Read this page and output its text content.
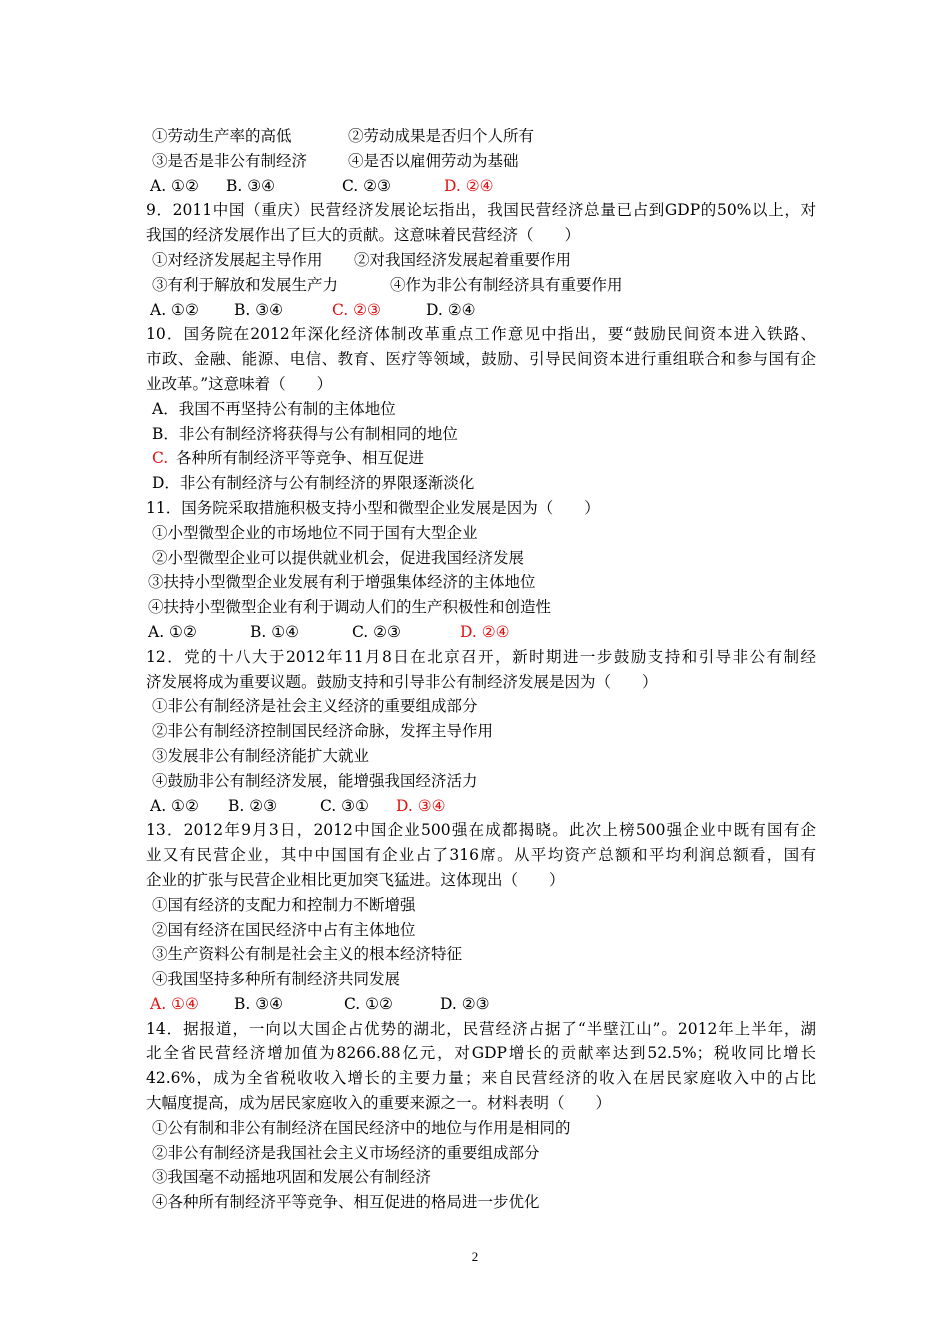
①劳动生产率的高低	②劳动成果是否归个人所有
③是否是非公有制经济	④是否以雇佣劳动为基础
A. ①②	B. ③④	C. ②③	D. ②④
9．2011中国（重庆）民营经济发展论坛指出，我国民营经济总量已占到GDP的50%以上，对
我国的经济发展作出了巨大的贡献。这意味着民营经济（　　）
①对经济发展起主导作用 ②对我国经济发展起着重要作用
③有利于解放和发展生产力	④作为非公有制经济具有重要作用
A. ①②	B. ③④	C. ②③	D. ②④
10．国务院在2012年深化经济体制改革重点工作意见中指出，要“鼓励民间资本进入铁路、
市政、金融、能源、电信、教育、医疗等领域，鼓励、引导民间资本进行重组联合和参与国有企
业改革。”这意味着（　　）
A．我国不再坚持公有制的主体地位
B．非公有制经济将获得与公有制相同的地位
C. 各种所有制经济平等竞争、相互促进
D．非公有制经济与公有制经济的界限逐渐淡化
11．国务院采取措施积极支持小型和微型企业发展是因为（　　）
①小型微型企业的市场地位不同于国有大型企业
②小型微型企业可以提供就业机会，促进我国经济发展
③扶持小型微型企业发展有利于增强集体经济的主体地位
④扶持小型微型企业有利于调动人们的生产积极性和创造性
A. ①②	B. ①④	C. ②③	D. ②④
12．党的十八大于2012年11月8日在北京召开，新时期进一步鼓励支持和引导非公有制经
济发展将成为重要议题。鼓励支持和引导非公有制经济发展是因为（　　）
①非公有制经济是社会主义经济的重要组成部分
②非公有制经济控制国民经济命脉，发挥主导作用
③发展非公有制经济能扩大就业
④鼓励非公有制经济发展，能增强我国经济活力
A. ①②	B. ②③	C. ③①	D. ③④
13．2012年9月3日，2012中国企业500强在成都揭晓。此次上榜500强企业中既有国有企
业又有民营企业，其中中国国有企业占了316席。从平均资产总额和平均利润总额看，国有
企业的扩张与民营企业相比更加突飞猛进。这体现出（　　）
①国有经济的支配力和控制力不断增强
②国有经济在国民经济中占有主体地位
③生产资料公有制是社会主义的根本经济特征
④我国坚持多种所有制经济共同发展
A. ①④	B. ③④	C. ①②	D. ②③
14．据报道，一向以大国企占优势的湖北，民营经济占据了“半壁江山”。2012年上半年，湖
北全省民营经济增加值为8266.88亿元，对GDP增长的贡献率达到52.5%；税收同比增长
42.6%，成为全省税收收入增长的主要力量；来自民营经济的收入在居民家庭收入中的占比
大幅度提高，成为居民家庭收入的重要来源之一。材料表明（　　）
①公有制和非公有制经济在国民经济中的地位与作用是相同的
②非公有制经济是我国社会主义市场经济的重要组成部分
③我国毫不动摇地巩固和发展公有制经济
④各种所有制经济平等竞争、相互促进的格局进一步优化
2
